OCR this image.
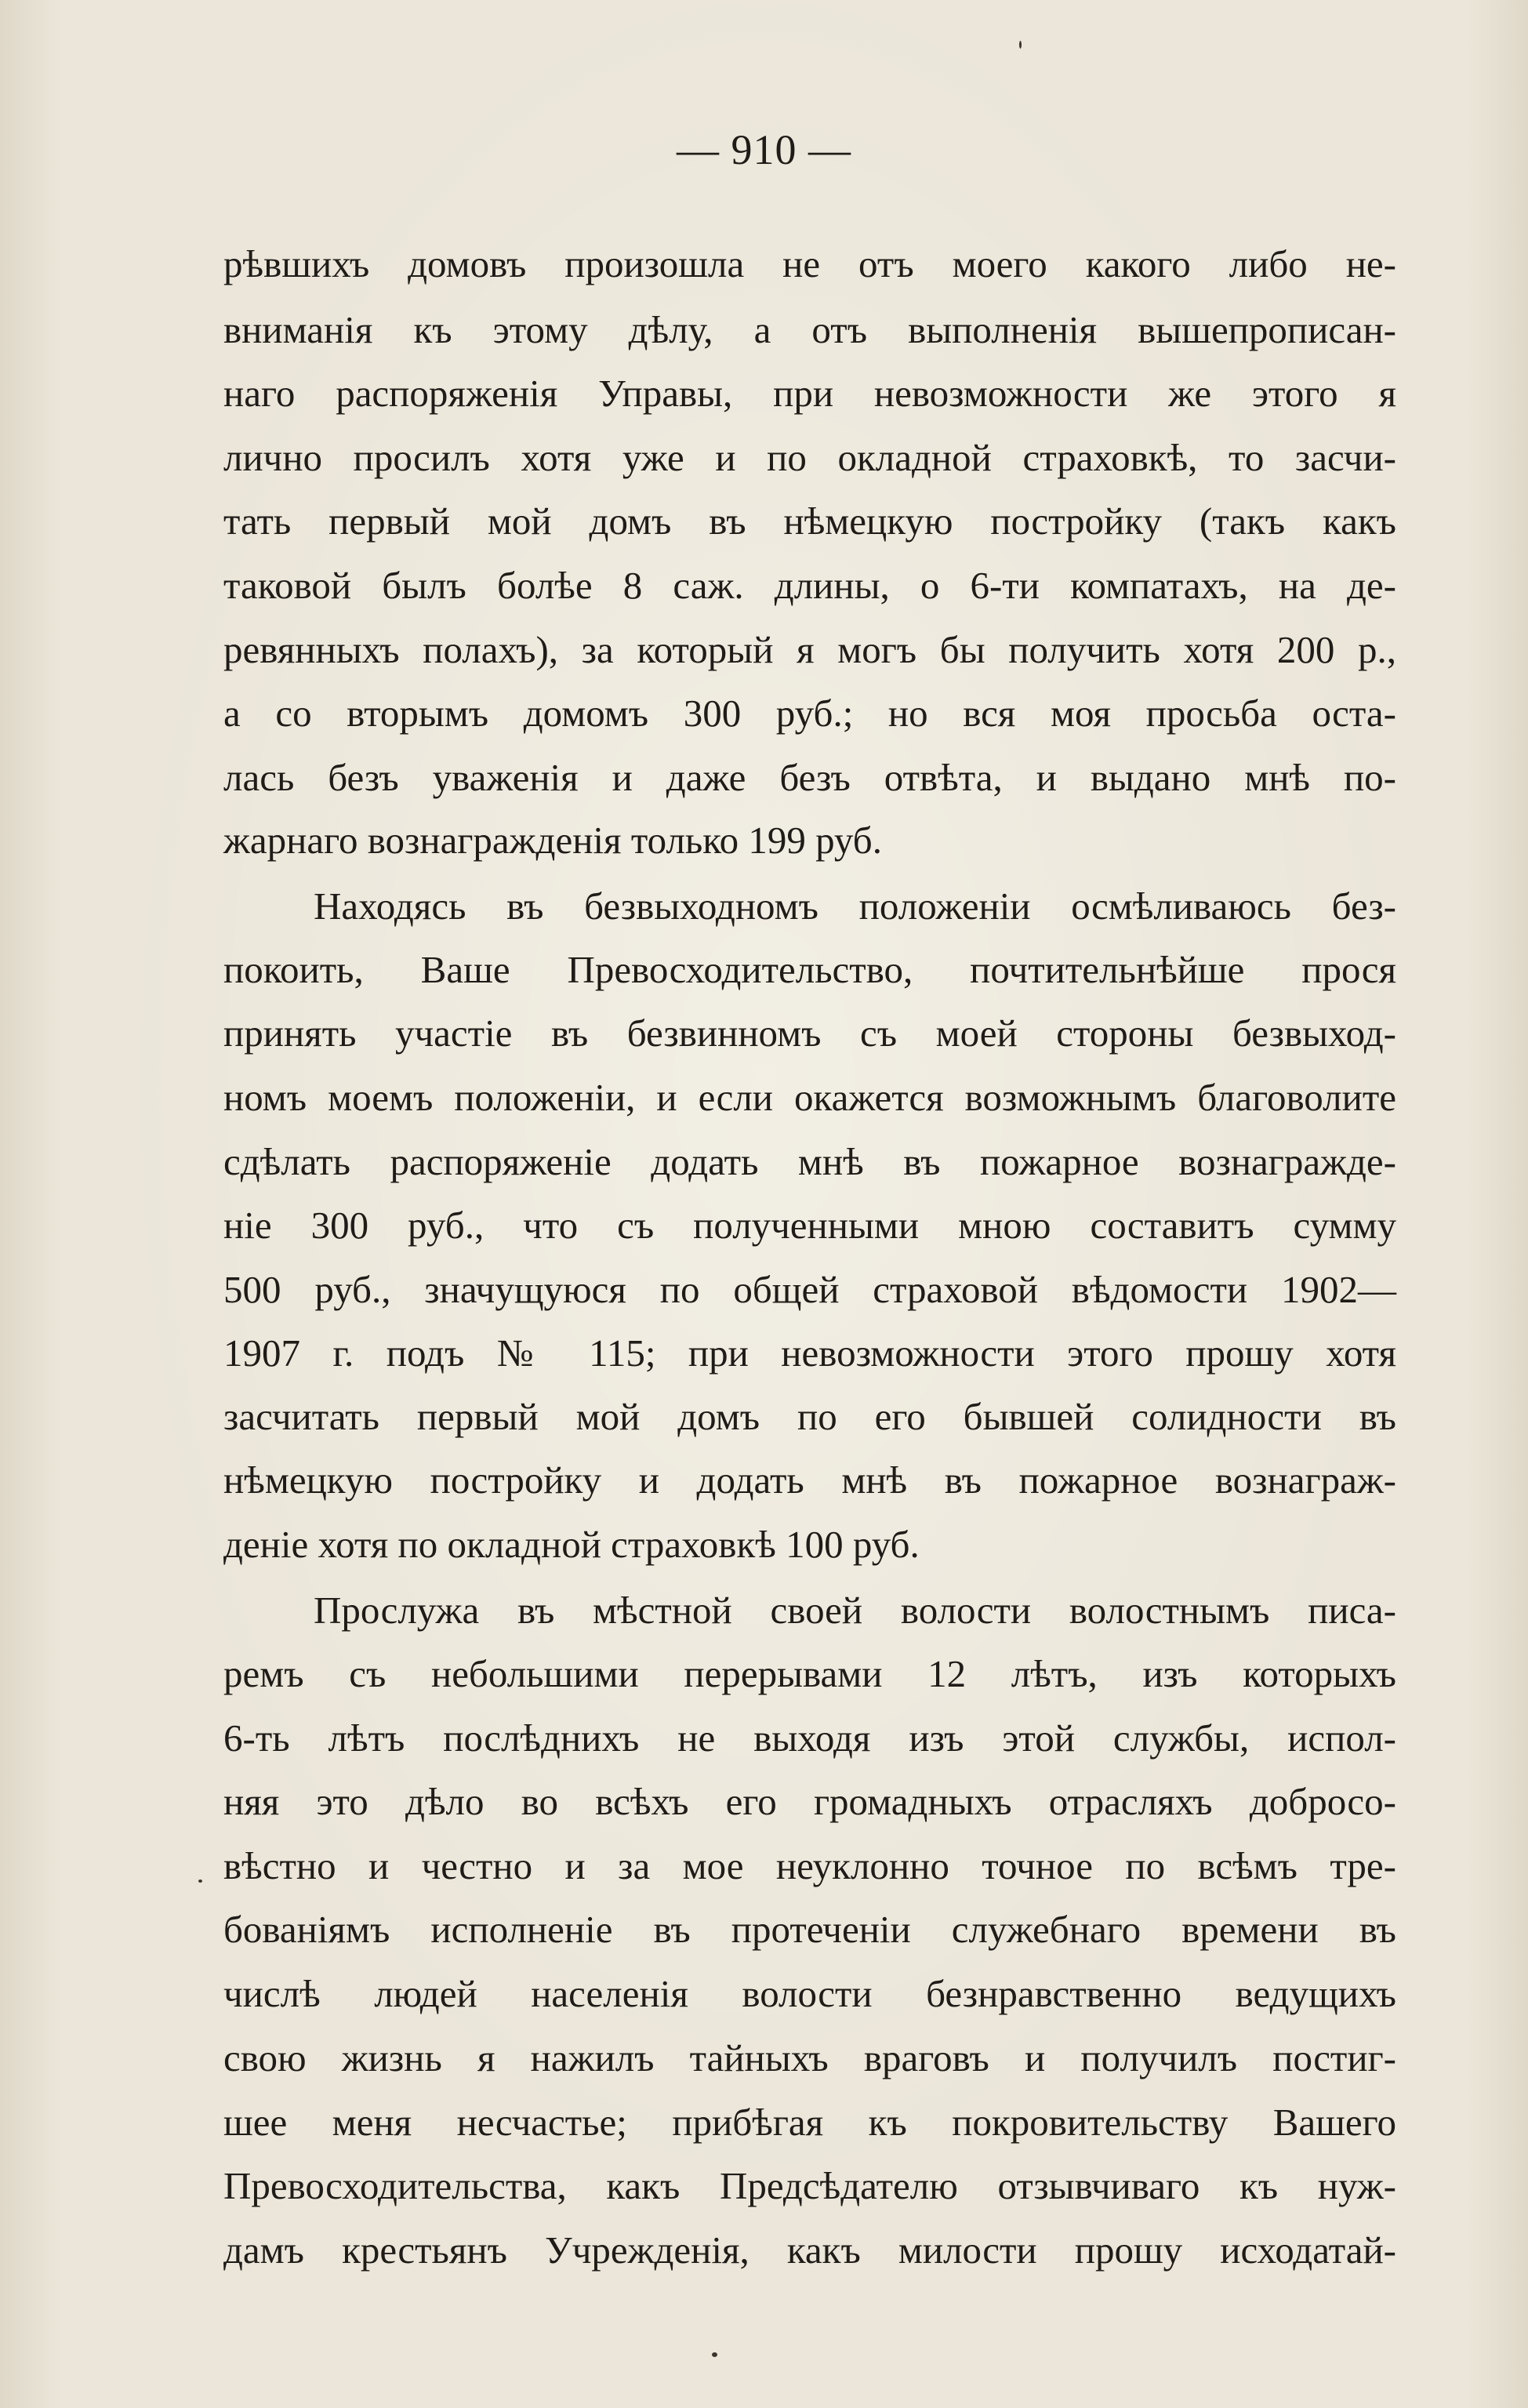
— 910 —
рѣвшихъ домовъ произошла не отъ моего какого либо не-
вниманія къ этому дѣлу, а отъ выполненія вышепрописан-
наго распоряженія Управы, при невозможности же этого я
лично просилъ хотя уже и по окладной страховкѣ, то засчи-
тать первый мой домъ въ нѣмецкую постройку (такъ какъ
таковой былъ болѣе 8 саж. длины, о 6-ти компатахъ, на де-
ревянныхъ полахъ), за который я могъ бы получить хотя 200 р.,
а со вторымъ домомъ 300 руб.; но вся моя просьба оста-
лась безъ уваженія и даже безъ отвѣта, и выдано мнѣ по-
жарнаго вознагражденія только 199 руб.
Находясь въ безвыходномъ положеніи осмѣливаюсь без-
покоить, Ваше Превосходительство, почтительнѣйше прося
принять участіе въ безвинномъ съ моей стороны безвыход-
номъ моемъ положеніи, и если окажется возможнымъ благоволите
сдѣлать распоряженіе додать мнѣ въ пожарное вознагражде-
ніе 300 руб., что съ полученными мною составитъ сумму
500 руб., значущуюся по общей страховой вѣдомости 1902—
1907 г. подъ № 115; при невозможности этого прошу хотя
засчитать первый мой домъ по его бывшей солидности въ
нѣмецкую постройку и додать мнѣ въ пожарное вознаграж-
деніе хотя по окладной страховкѣ 100 руб.
Прослужа въ мѣстной своей волости волостнымъ писа-
ремъ съ небольшими перерывами 12 лѣтъ, изъ которыхъ
6-ть лѣтъ послѣднихъ не выходя изъ этой службы, испол-
няя это дѣло во всѣхъ его громадныхъ отрасляхъ добросо-
вѣстно и честно и за мое неуклонно точное по всѣмъ тре-
бованіямъ исполненіе въ протеченіи служебнаго времени въ
числѣ людей населенія волости безнравственно ведущихъ
свою жизнь я нажилъ тайныхъ враговъ и получилъ постиг-
шее меня несчастье; прибѣгая къ покровительству Вашего
Превосходительства, какъ Предсѣдателю отзывчиваго къ нуж-
дамъ крестьянъ Учрежденія, какъ милости прошу исходатай-
